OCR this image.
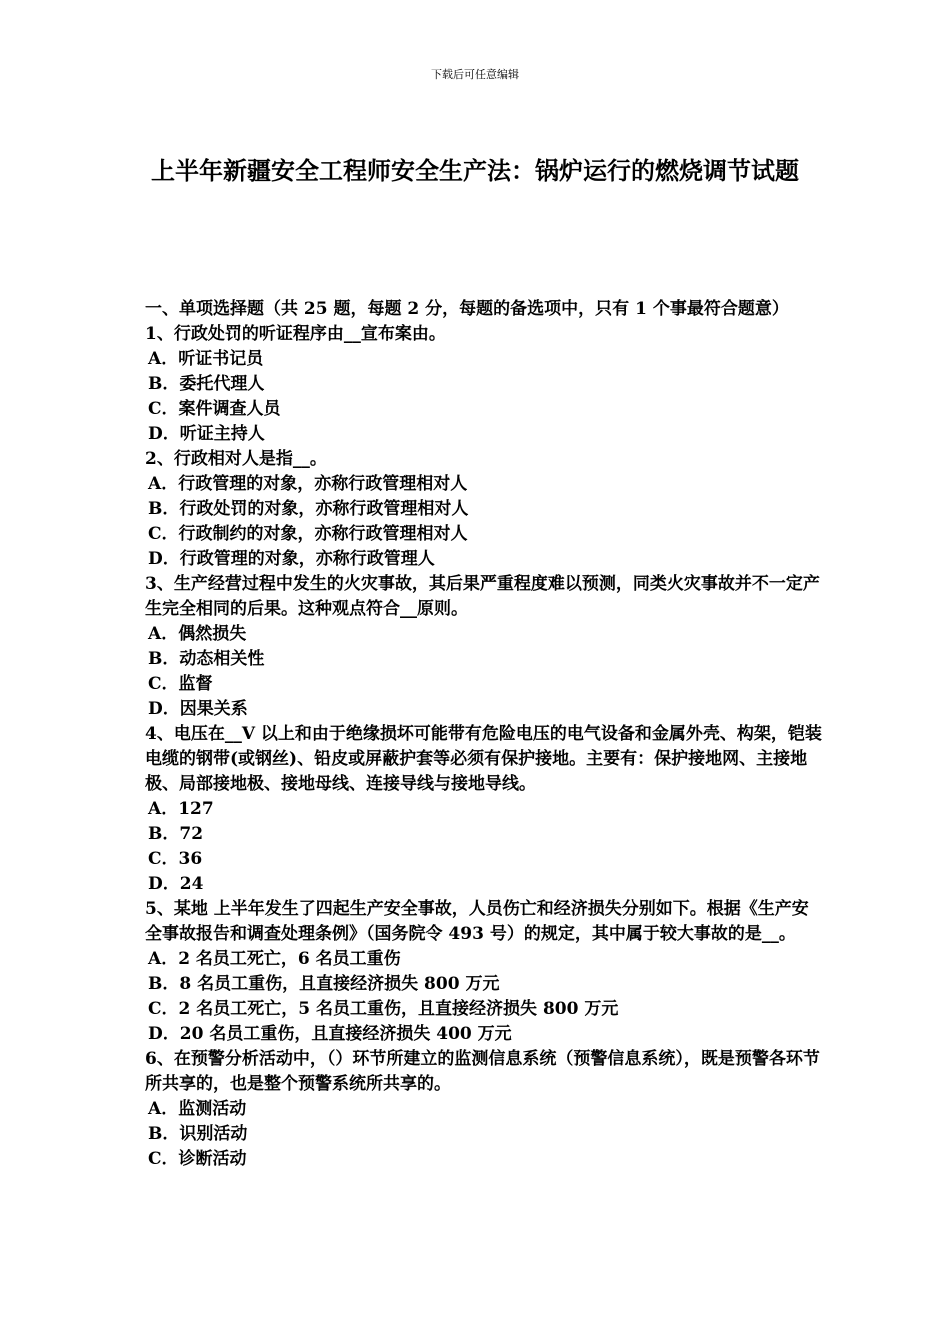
下载后可任意编辑
上半年新疆安全工程师安全生产法：锅炉运行的燃烧调节试题
一、单项选择题（共 25 题，每题 2 分，每题的备选项中，只有 1 个事最符合题意）
1、行政处罚的听证程序由__宣布案由。
A．听证书记员
B．委托代理人
C．案件调查人员
D．听证主持人
2、行政相对人是指__。
A．行政管理的对象，亦称行政管理相对人
B．行政处罚的对象，亦称行政管理相对人
C．行政制约的对象，亦称行政管理相对人
D．行政管理的对象，亦称行政管理人
3、生产经营过程中发生的火灾事故，其后果严重程度难以预测，同类火灾事故并不一定产生完全相同的后果。这种观点符合__原则。
A．偶然损失
B．动态相关性
C．监督
D．因果关系
4、电压在__V 以上和由于绝缘损坏可能带有危险电压的电气设备和金属外壳、构架，铠装电缆的钢带(或钢丝)、铅皮或屏蔽护套等必须有保护接地。主要有：保护接地网、主接地极、局部接地极、接地母线、连接导线与接地导线。
A．127
B．72
C．36
D．24
5、某地 上半年发生了四起生产安全事故，人员伤亡和经济损失分别如下。根据《生产安全事故报告和调查处理条例》（国务院令 493 号）的规定，其中属于较大事故的是__。
A．2 名员工死亡，6 名员工重伤
B．8 名员工重伤，且直接经济损失 800 万元
C．2 名员工死亡，5 名员工重伤，且直接经济损失 800 万元
D．20 名员工重伤，且直接经济损失 400 万元
6、在预警分析活动中，（）环节所建立的监测信息系统（预警信息系统），既是预警各环节所共享的，也是整个预警系统所共享的。
A．监测活动
B．识别活动
C．诊断活动
